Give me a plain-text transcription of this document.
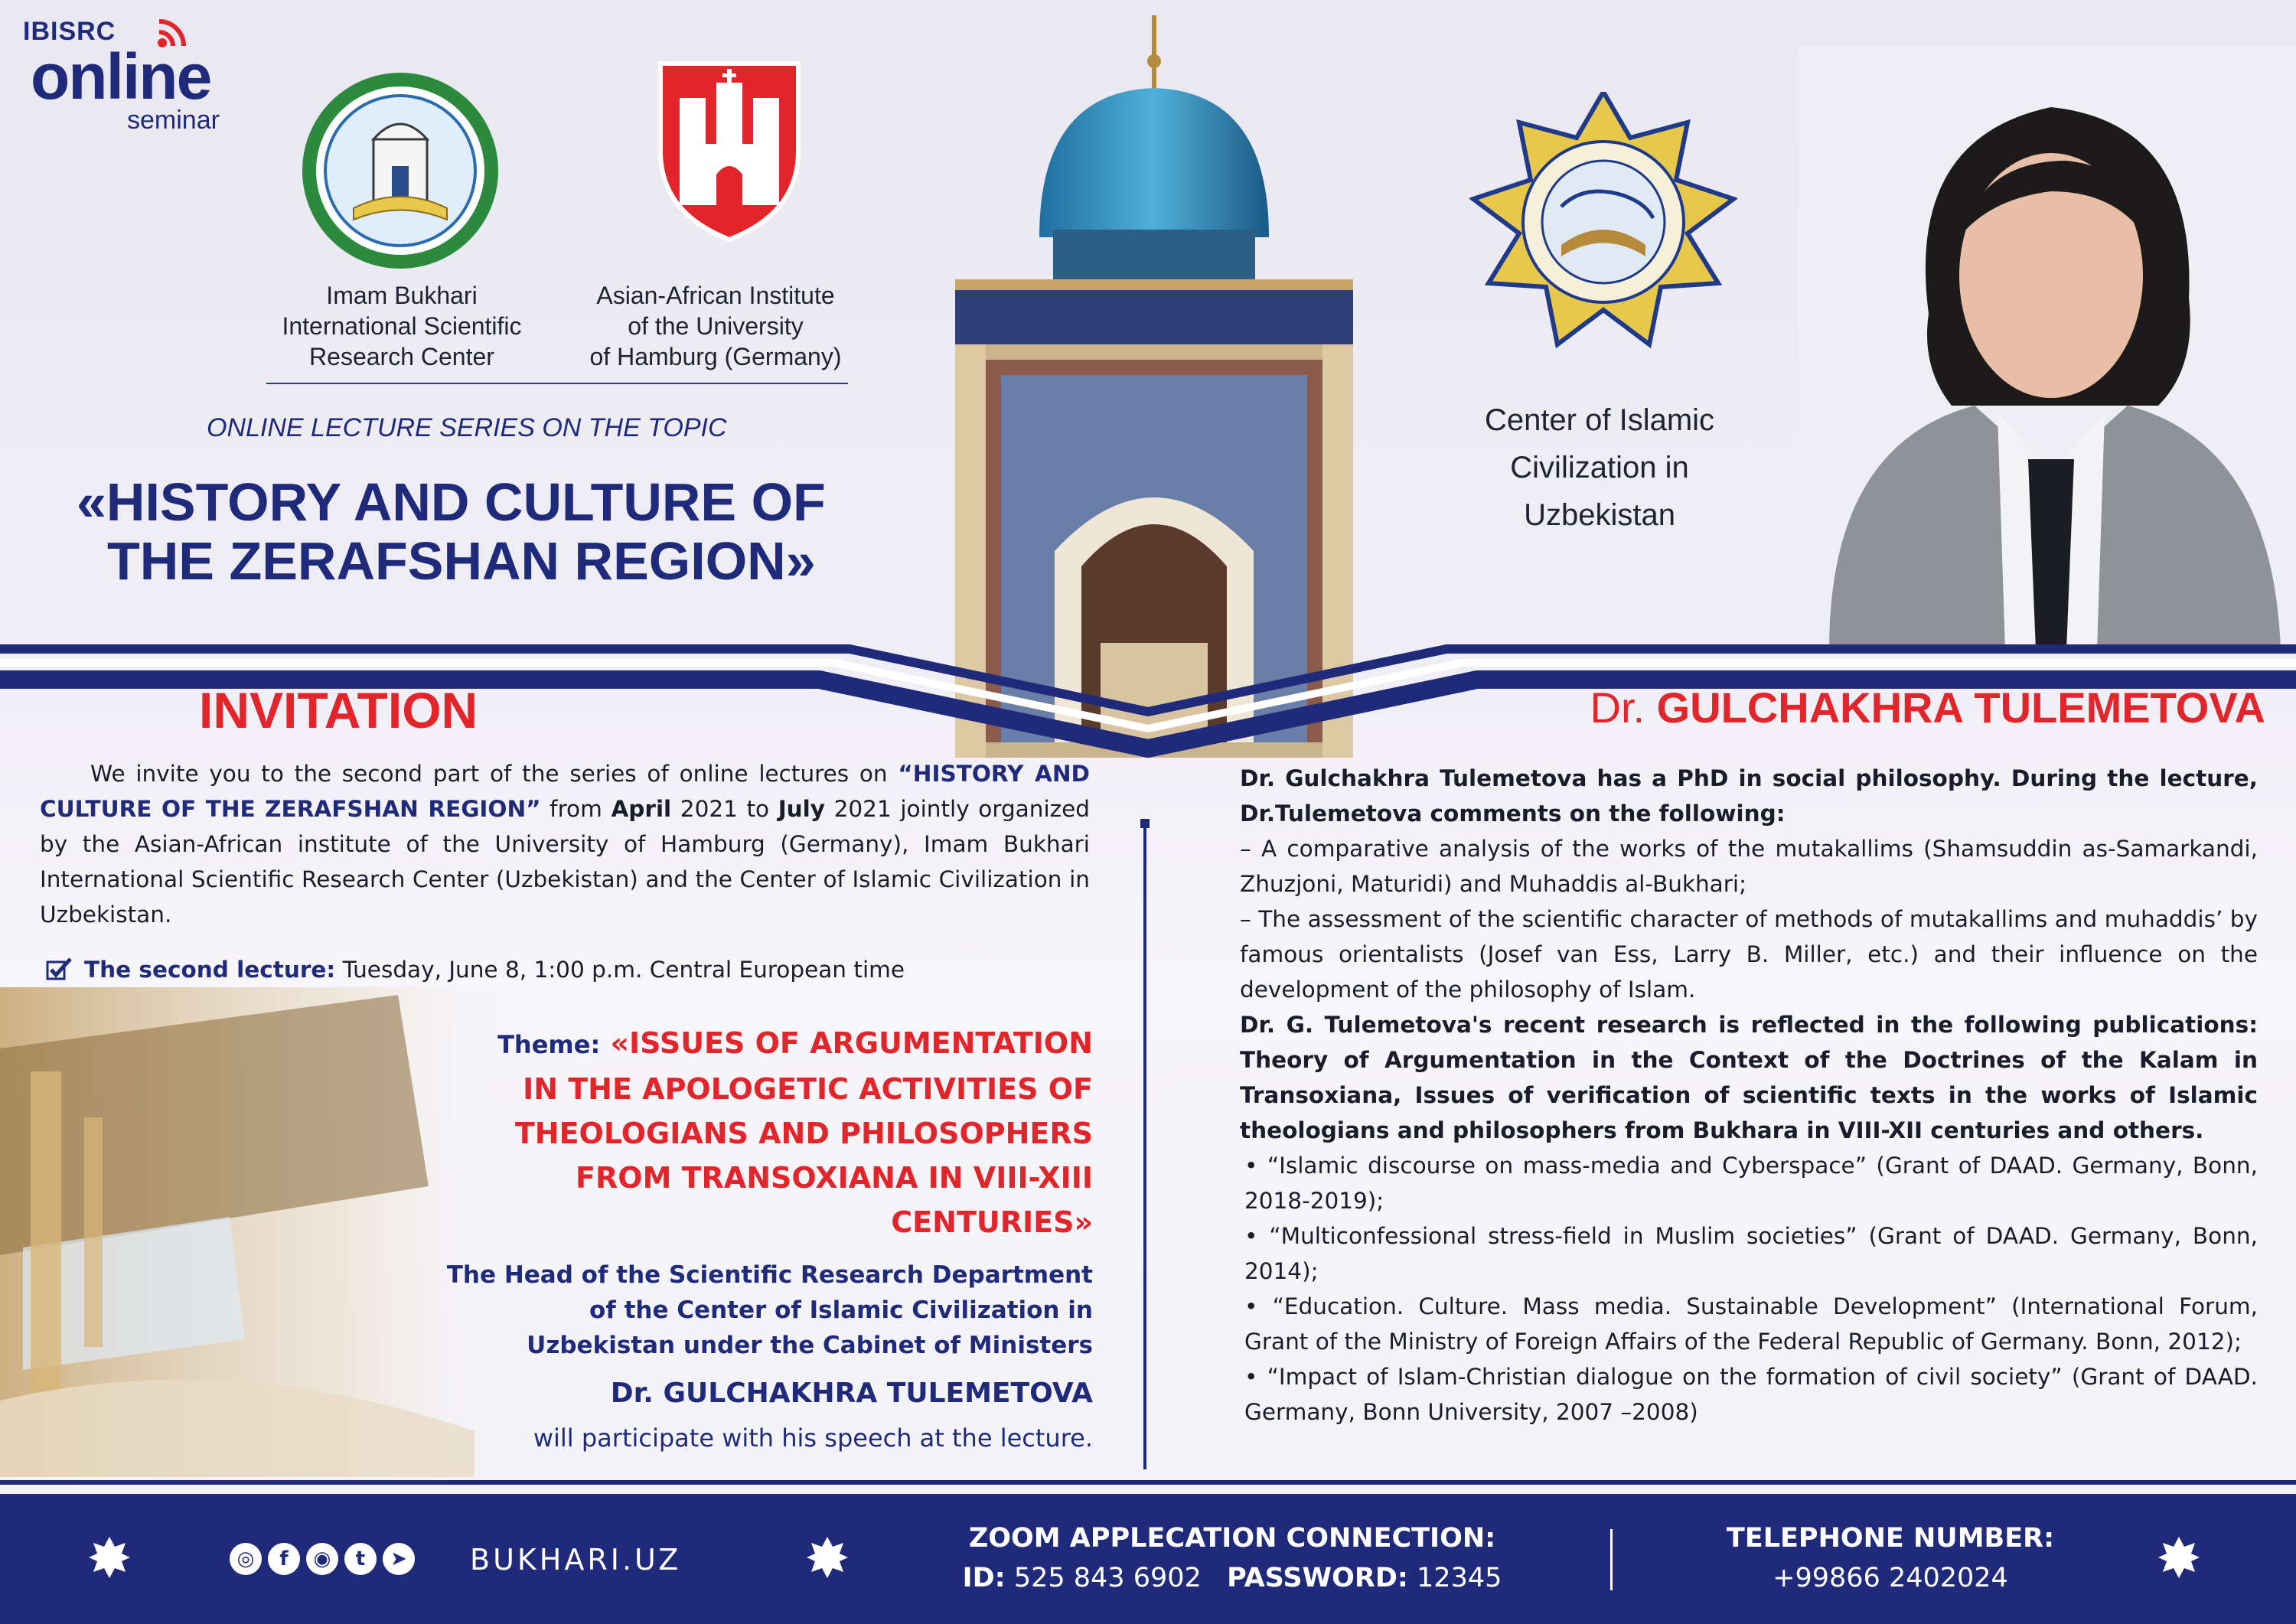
IBISRC
online
seminar
Imam Bukhari
International Scientific
Research Center
Asian-African Institute
of the University
of Hamburg (Germany)
ONLINE LECTURE SERIES ON THE TOPIC
«HISTORY AND CULTURE OF
THE ZERAFSHAN REGION»
Center of Islamic
Civilization in
Uzbekistan
INVITATION
We invite you to the second part of the series of online lectures on “HISTORY AND CULTURE OF THE ZERAFSHAN REGION” from April 2021 to July 2021 jointly organized by the Asian-African institute of the University of Hamburg (Germany), Imam Bukhari International Scientific Research Center (Uzbekistan) and the Center of Islamic Civilization in Uzbekistan.
The second lecture: Tuesday, June 8, 1:00 p.m. Central European time
Theme: «ISSUES OF ARGUMENTATION
IN THE APOLOGETIC ACTIVITIES OF
THEOLOGIANS AND PHILOSOPHERS
FROM TRANSOXIANA IN VIII-XIII
CENTURIES»
The Head of the Scientific Research Department
of the Center of Islamic Civilization in
Uzbekistan under the Cabinet of Ministers
Dr. GULCHAKHRA TULEMETOVA
will participate with his speech at the lecture.
Dr. GULCHAKHRA TULEMETOVA

Dr. Gulchakhra Tulemetova has a PhD in social philosophy. During the lecture, Dr.Tulemetova comments on the following:

– A comparative analysis of the works of the mutakallims (Shamsuddin as-Samarkandi, Zhuzjoni, Maturidi) and Muhaddis al-Bukhari;

– The assessment of the scientific character of methods of mutakallims and muhaddis’ by famous orientalists (Josef van Ess, Larry B. Miller, etc.) and their influence on the development of the philosophy of Islam.

Dr. G. Tulemetova's recent research is reflected in the following publications: Theory of Argumentation in the Context of the Doctrines of the Kalam in Transoxiana, Issues of verification of scientific texts in the works of Islamic theologians and philosophers from Bukhara in VIII-XII centuries and others.

• “Islamic discourse on mass-media and Cyberspace” (Grant of DAAD. Germany, Bonn, 2018-2019);

• “Multiconfessional stress-field in Muslim societies” (Grant of DAAD. Germany, Bonn, 2014);

• “Education. Culture. Mass media. Sustainable Development” (International Forum, Grant of the Ministry of Foreign Affairs of the Federal Republic of Germany. Bonn, 2012);

• “Impact of Islam-Christian dialogue on the formation of civil society” (Grant of DAAD. Germany, Bonn University, 2007 –2008)

◎	f	◉	t	➤ BUKHARI.UZ
ZOOM APPLECATION CONNECTION:
ID: 525 843 6902 PASSWORD: 12345
TELEPHONE NUMBER:
+99866 2402024
